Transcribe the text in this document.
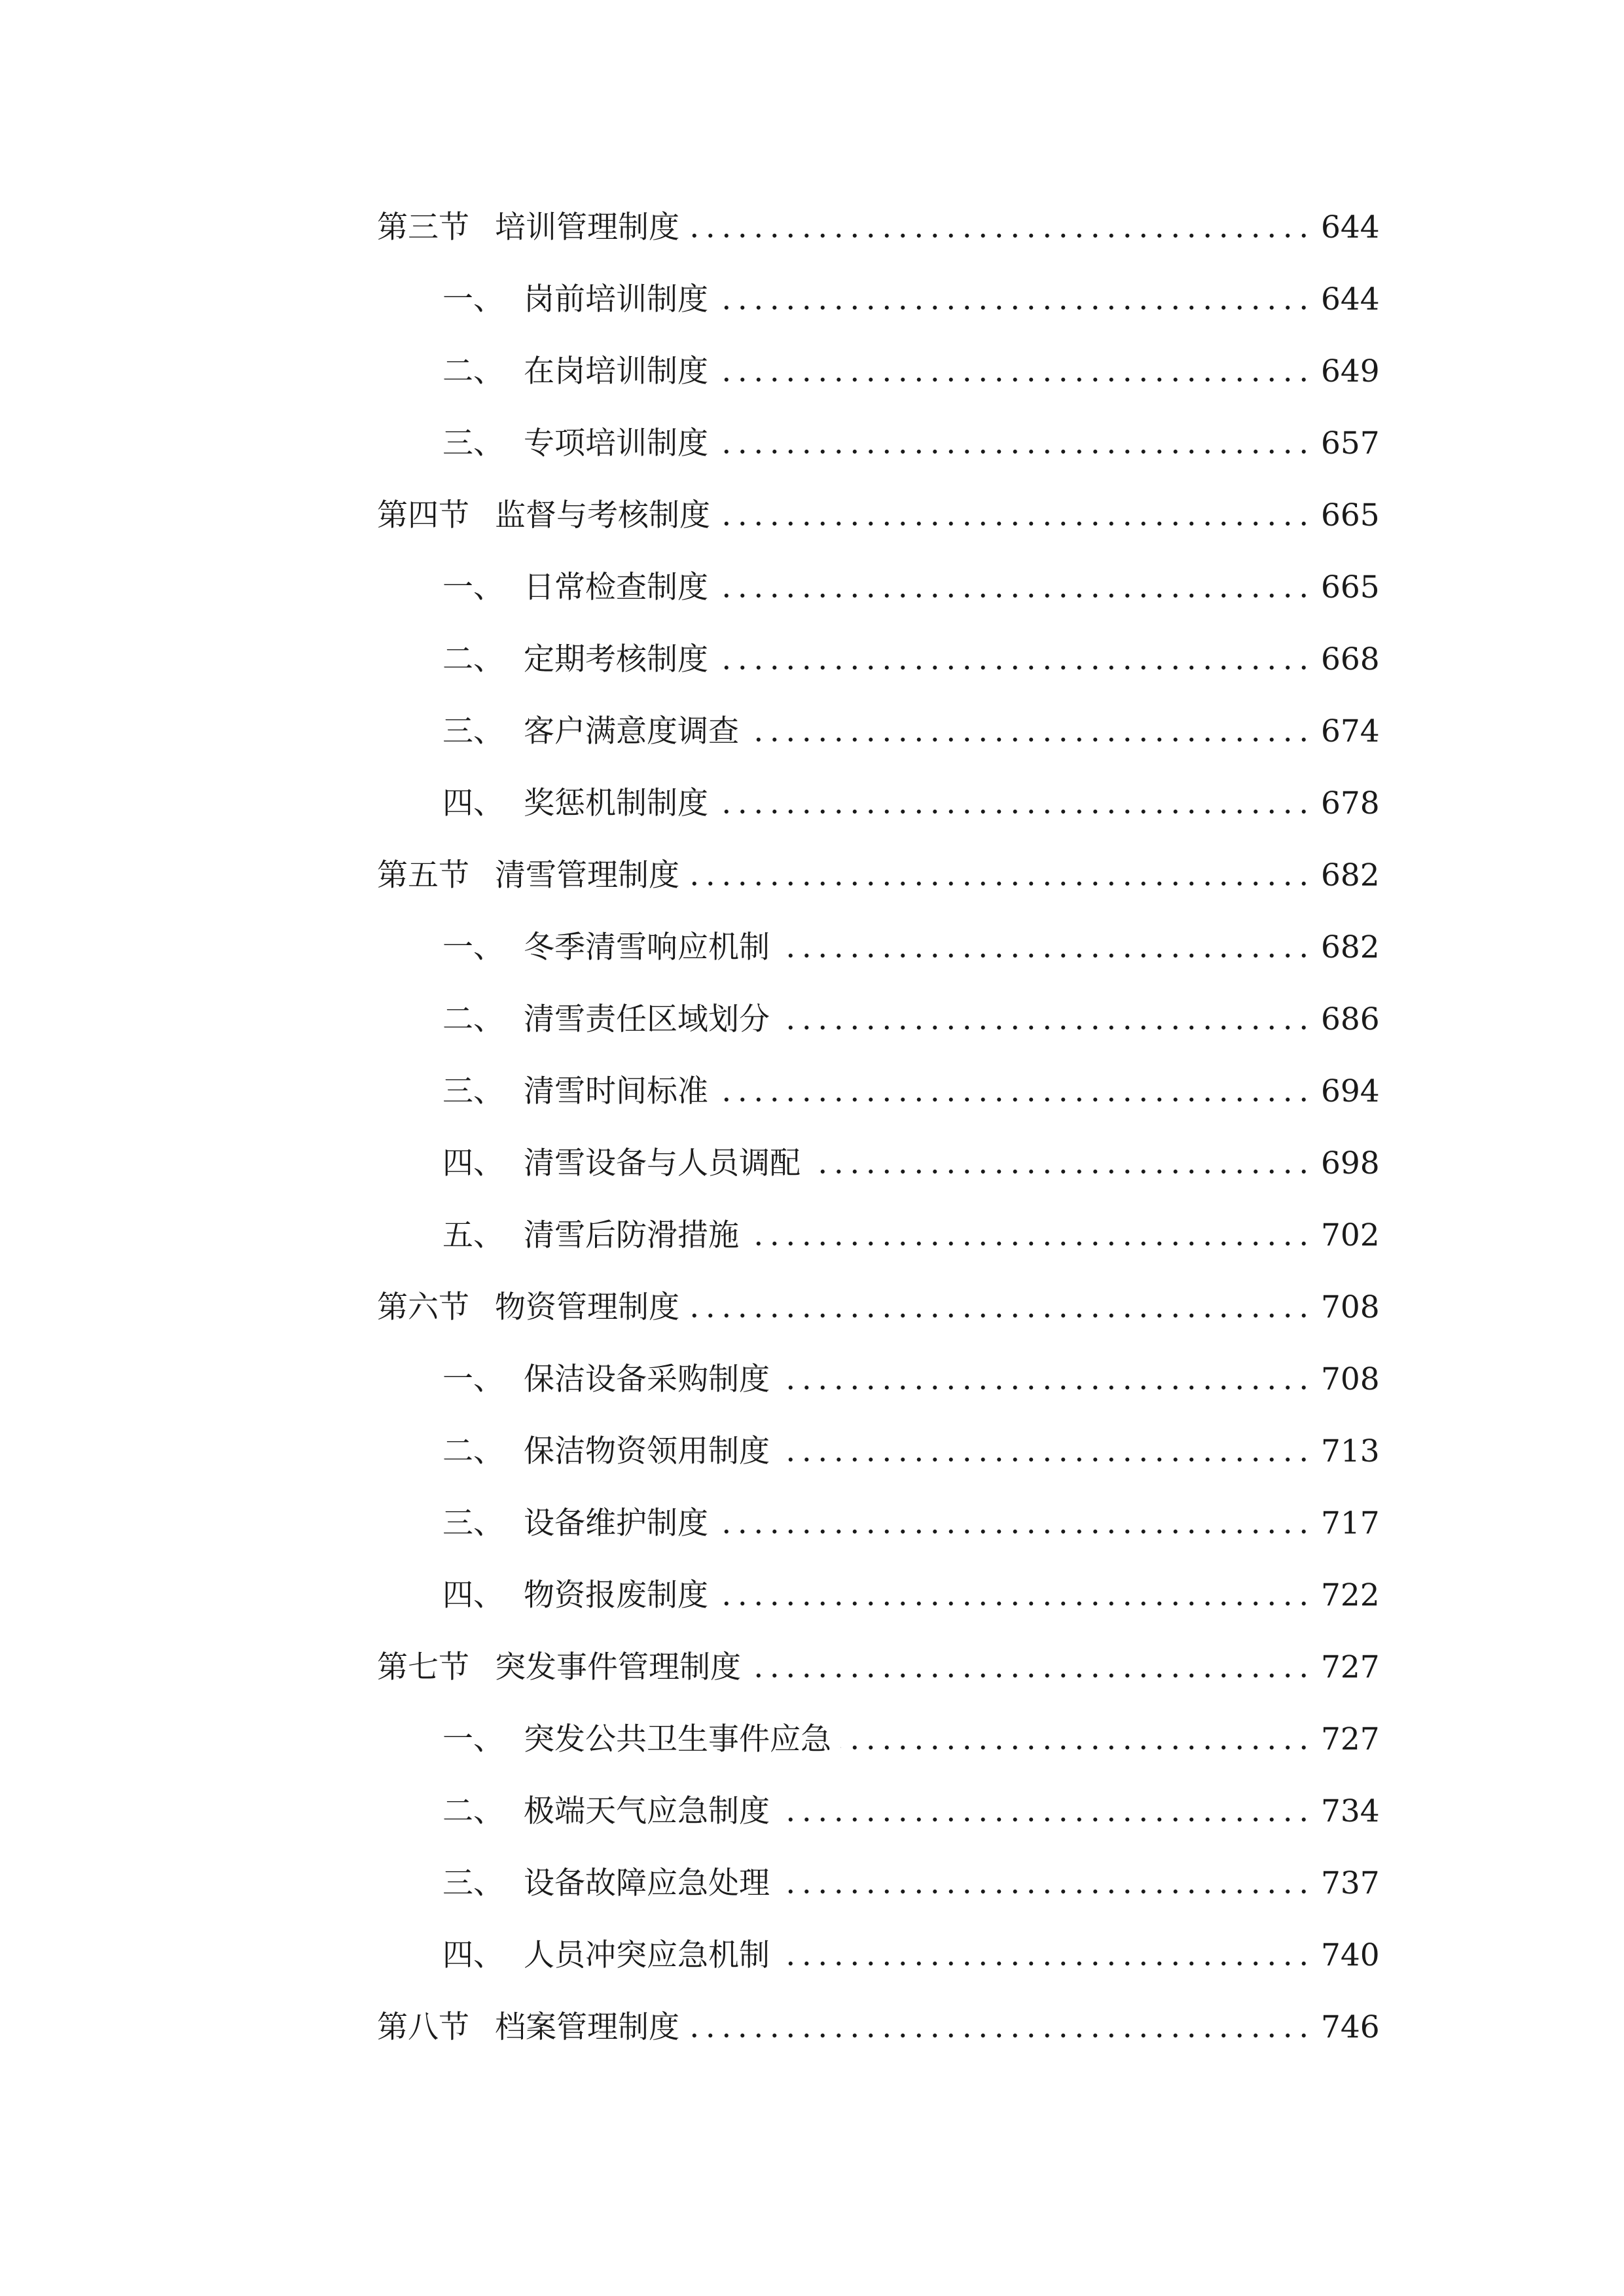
第三节 培训管理制度	644
一、 岗前培训制度	644
二、 在岗培训制度	649
三、 专项培训制度	657
第四节 监督与考核制度	665
一、 日常检查制度	665
二、 定期考核制度	668
三、 客户满意度调查	674
四、 奖惩机制制度	678
第五节 清雪管理制度	682
一、 冬季清雪响应机制	682
二、 清雪责任区域划分	686
三、 清雪时间标准	694
四、 清雪设备与人员调配	698
五、 清雪后防滑措施	702
第六节 物资管理制度	708
一、 保洁设备采购制度	708
二、 保洁物资领用制度	713
三、 设备维护制度	717
四、 物资报废制度	722
第七节 突发事件管理制度	727
一、 突发公共卫生事件应急	727
二、 极端天气应急制度	734
三、 设备故障应急处理	737
四、 人员冲突应急机制	740
第八节 档案管理制度	746
